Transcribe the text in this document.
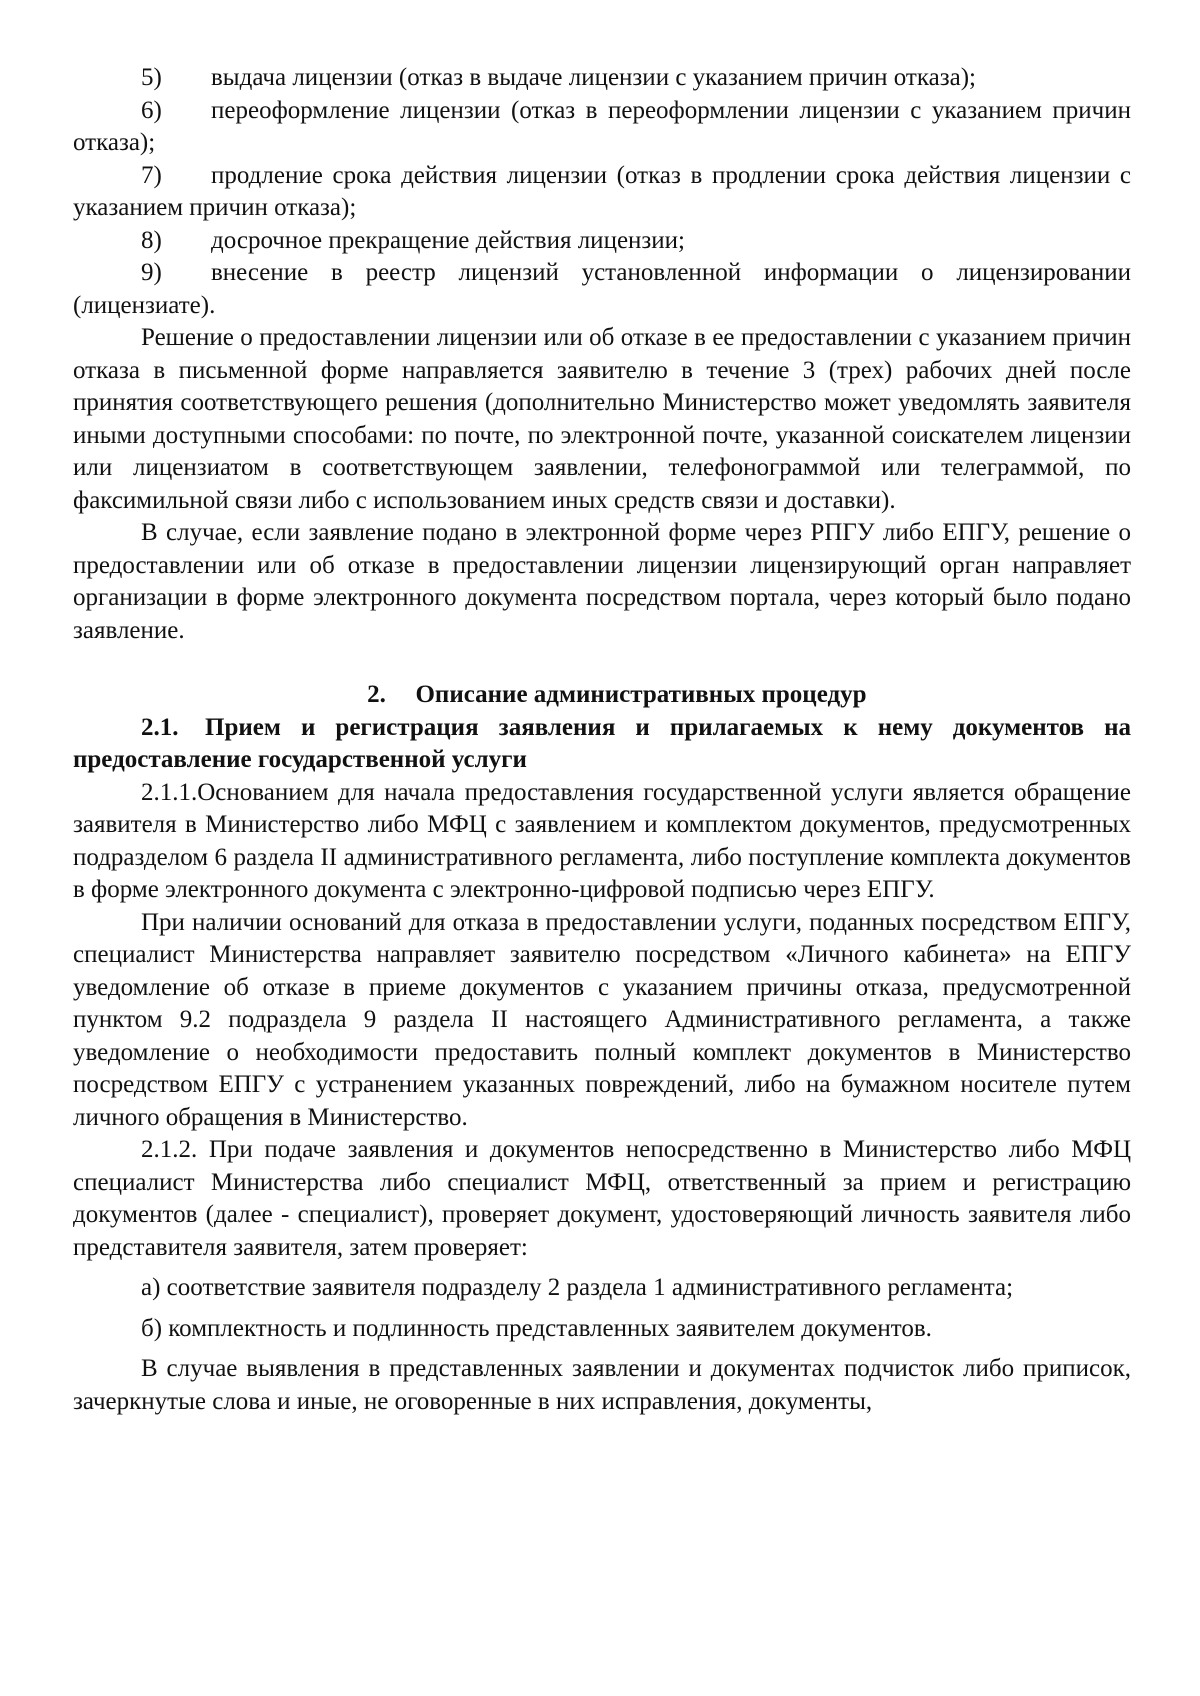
5) выдача лицензии (отказ в выдаче лицензии с указанием причин отказа);
6) переоформление лицензии (отказ в переоформлении лицензии с указанием причин отказа);
7) продление срока действия лицензии (отказ в продлении срока действия лицензии с указанием причин отказа);
8) досрочное прекращение действия лицензии;
9) внесение в реестр лицензий установленной информации о лицензировании (лицензиате).

Решение о предоставлении лицензии или об отказе в ее предоставлении с указанием причин отказа в письменной форме направляется заявителю в течение 3 (трех) рабочих дней после принятия соответствующего решения (дополнительно Министерство может уведомлять заявителя иными доступными способами: по почте, по электронной почте, указанной соискателем лицензии или лицензиатом в соответствующем заявлении, телефонограммой или телеграммой, по факсимильной связи либо с использованием иных средств связи и доставки).

В случае, если заявление подано в электронной форме через РПГУ либо ЕПГУ, решение о предоставлении или об отказе в предоставлении лицензии лицензирующий орган направляет организации в форме электронного документа посредством портала, через который было подано заявление.

2. Описание административных процедур

2.1. Прием и регистрация заявления и прилагаемых к нему документов на предоставление государственной услуги

2.1.1.Основанием для начала предоставления государственной услуги является обращение заявителя в Министерство либо МФЦ с заявлением и комплектом документов, предусмотренных подразделом 6 раздела II административного регламента, либо поступление комплекта документов в форме электронного документа с электронно-цифровой подписью через ЕПГУ.

При наличии оснований для отказа в предоставлении услуги, поданных посредством ЕПГУ, специалист Министерства направляет заявителю посредством «Личного кабинета» на ЕПГУ уведомление об отказе в приеме документов с указанием причины отказа, предусмотренной пунктом 9.2 подраздела 9 раздела II настоящего Административного регламента, а также уведомление о необходимости предоставить полный комплект документов в Министерство посредством ЕПГУ с устранением указанных повреждений, либо на бумажном носителе путем личного обращения в Министерство.

2.1.2. При подаче заявления и документов непосредственно в Министерство либо МФЦ специалист Министерства либо специалист МФЦ, ответственный за прием и регистрацию документов (далее - специалист), проверяет документ, удостоверяющий личность заявителя либо представителя заявителя, затем проверяет:

а) соответствие заявителя подразделу 2 раздела 1 административного регламента;

б) комплектность и подлинность представленных заявителем документов.

В случае выявления в представленных заявлении и документах подчисток либо приписок, зачеркнутые слова и иные, не оговоренные в них исправления, документы,
